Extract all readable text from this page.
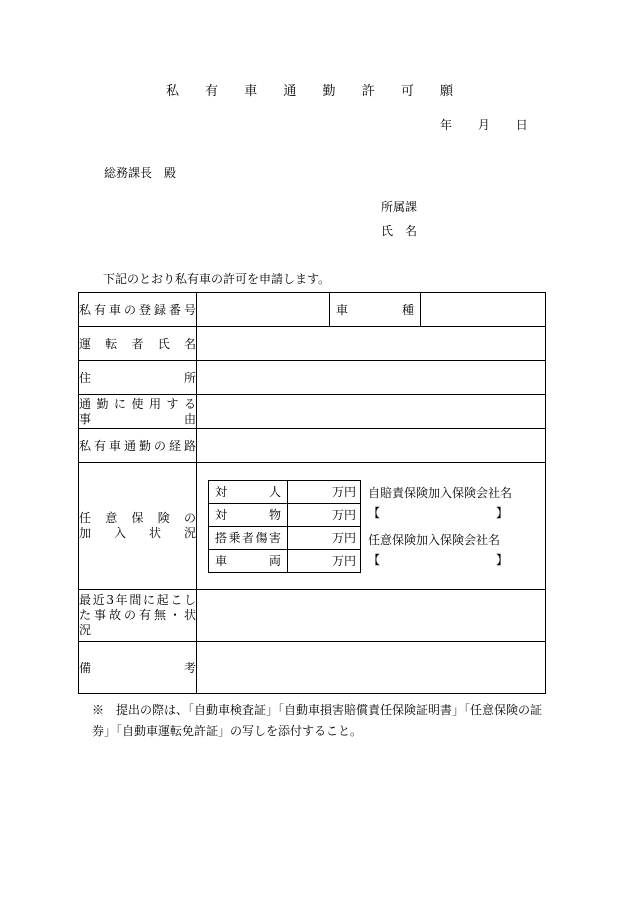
私 有 車 通 勤 許 可 願
年 月 日
総務課長　殿
所属課
氏　名
下記のとおり私有車の許可を申請します。
私有車の登録番号		車　　種	
運転者氏名	
住所	

通勤に使用する
事由

私有車通勤の経路	

任意保険の
加入状況

対人	万円
対物	万円
搭乗者傷害	万円
車両	万円
自賠責保険加入保険会社名
【	】
任意保険加入保険会社名
【	】

最近3年間に起こし
た事故の有無・状
況

備考	
※　提出の際は、「自動車検査証」「自動車損害賠償責任保険証明書」「任意保険の証券」「自動車運転免許証」の写しを添付すること。
